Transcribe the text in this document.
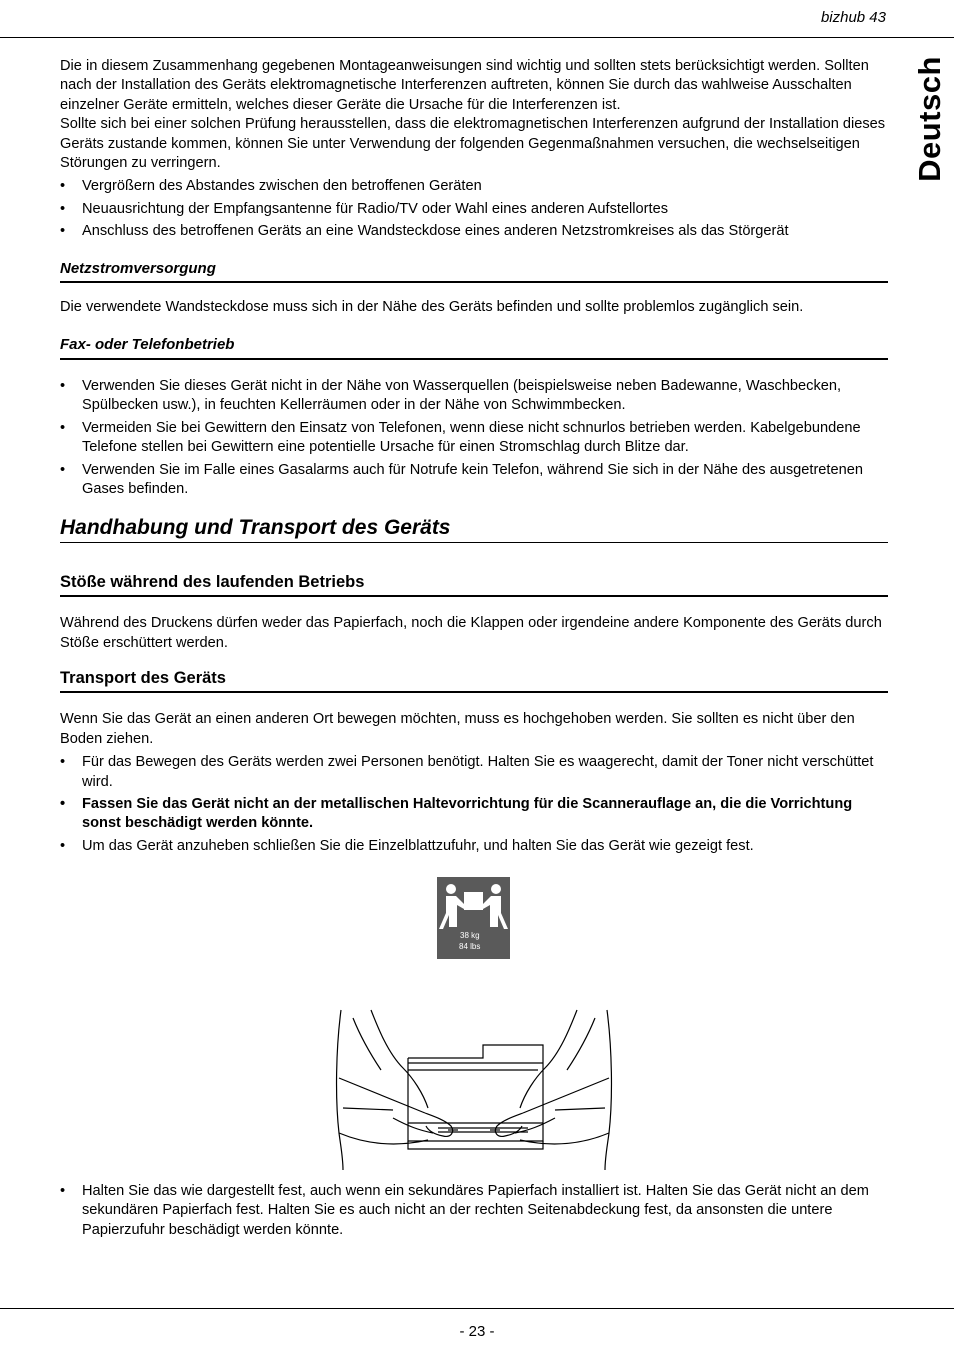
bizhub 43
Deutsch

Die in diesem Zusammenhang gegebenen Montageanweisungen sind wichtig und sollten stets berücksichtigt werden. Sollten nach der Installation des Geräts elektromagnetische Interferenzen auftreten, können Sie durch das wahlweise Ausschalten einzelner Geräte ermitteln, welches dieser Geräte die Ursache für die Interferenzen ist.

Sollte sich bei einer solchen Prüfung herausstellen, dass die elektromagnetischen Interferenzen aufgrund der Installation dieses Geräts zustande kommen, können Sie unter Verwendung der folgenden Gegenmaßnahmen versuchen, die wechselseitigen Störungen zu verringern.

• Vergrößern des Abstandes zwischen den betroffenen Geräten
• Neuausrichtung der Empfangsantenne für Radio/TV oder Wahl eines anderen Aufstellortes
• Anschluss des betroffenen Geräts an eine Wandsteckdose eines anderen Netzstromkreises als das Störgerät
Netzstromversorgung

Die verwendete Wandsteckdose muss sich in der Nähe des Geräts befinden und sollte problemlos zugänglich sein.

Fax- oder Telefonbetrieb
• Verwenden Sie dieses Gerät nicht in der Nähe von Wasserquellen (beispielsweise neben Badewanne, Waschbecken, Spülbecken usw.), in feuchten Kellerräumen oder in der Nähe von Schwimmbecken.
• Vermeiden Sie bei Gewittern den Einsatz von Telefonen, wenn diese nicht schnurlos betrieben werden. Kabelgebundene Telefone stellen bei Gewittern eine potentielle Ursache für einen Stromschlag durch Blitze dar.
• Verwenden Sie im Falle eines Gasalarms auch für Notrufe kein Telefon, während Sie sich in der Nähe des ausgetretenen Gases befinden.
Handhabung und Transport des Geräts
Stöße während des laufenden Betriebs

Während des Druckens dürfen weder das Papierfach, noch die Klappen oder irgendeine andere Komponente des Geräts durch Stöße erschüttert werden.

Transport des Geräts

Wenn Sie das Gerät an einen anderen Ort bewegen möchten, muss es hochgehoben werden. Sie sollten es nicht über den Boden ziehen.

• Für das Bewegen des Geräts werden zwei Personen benötigt. Halten Sie es waagerecht, damit der Toner nicht verschüttet wird.
• Fassen Sie das Gerät nicht an der metallischen Haltevorrichtung für die Scannerauflage an, die die Vorrichtung sonst beschädigt werden könnte.
• Um das Gerät anzuheben schließen Sie die Einzelblattzufuhr, und halten Sie das Gerät wie gezeigt fest.
38 kg
84 lbs
• Halten Sie das wie dargestellt fest, auch wenn ein sekundäres Papierfach installiert ist. Halten Sie das Gerät nicht an dem sekundären Papierfach fest. Halten Sie es auch nicht an der rechten Seitenabdeckung fest, da ansonsten die untere Papierzufuhr beschädigt werden könnte.
- 23 -
